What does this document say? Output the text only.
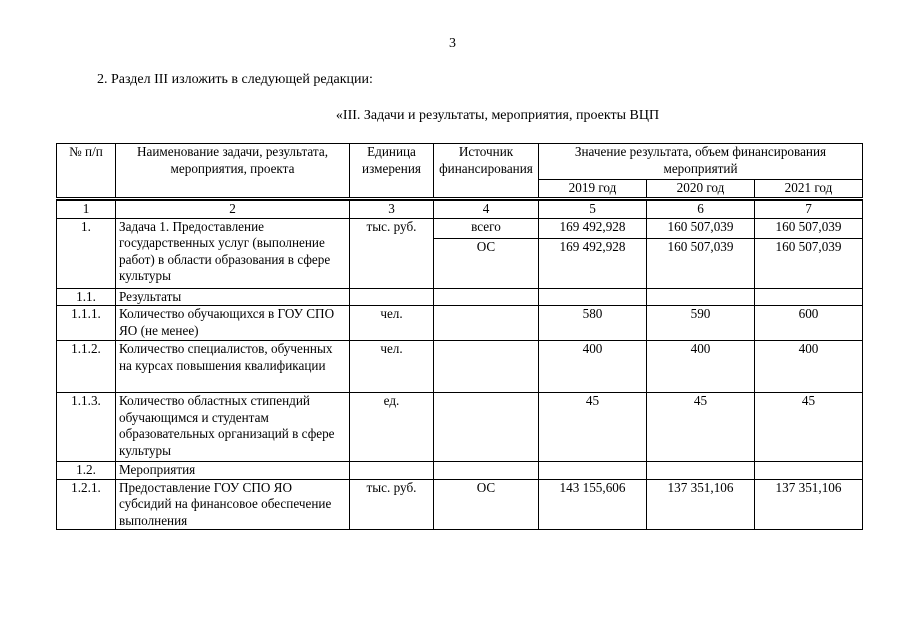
3
2. Раздел III изложить в следующей редакции:
«III. Задачи и результаты, мероприятия, проекты ВЦП
№ п/п	Наименование задачи, результата, мероприятия, проекта	Единица измерения	Источник финансирования	Значение результата, объем финансирования мероприятий		
				2019 год	2020 год	2021 год
1	2	3	4	5	6	7
1.	Задача 1. Предоставление государственных услуг (выполнение работ) в области образования в сфере культуры	тыс. руб.	всего	169 492,928	160 507,039	160 507,039
			ОС	169 492,928	160 507,039	160 507,039
1.1.	Результаты					
1.1.1.	Количество обучающихся в ГОУ СПО ЯО (не менее)	чел.		580	590	600
1.1.2.	Количество специалистов, обученных на курсах повышения квалификации	чел.		400	400	400
1.1.3.	Количество областных стипендий обучающимся и студентам образовательных организаций в сфере культуры	ед.		45	45	45
1.2.	Мероприятия					
1.2.1.	Предоставление ГОУ СПО ЯО субсидий на финансовое обеспечение выполнения	тыс. руб.	ОС	143 155,606	137 351,106	137 351,106
